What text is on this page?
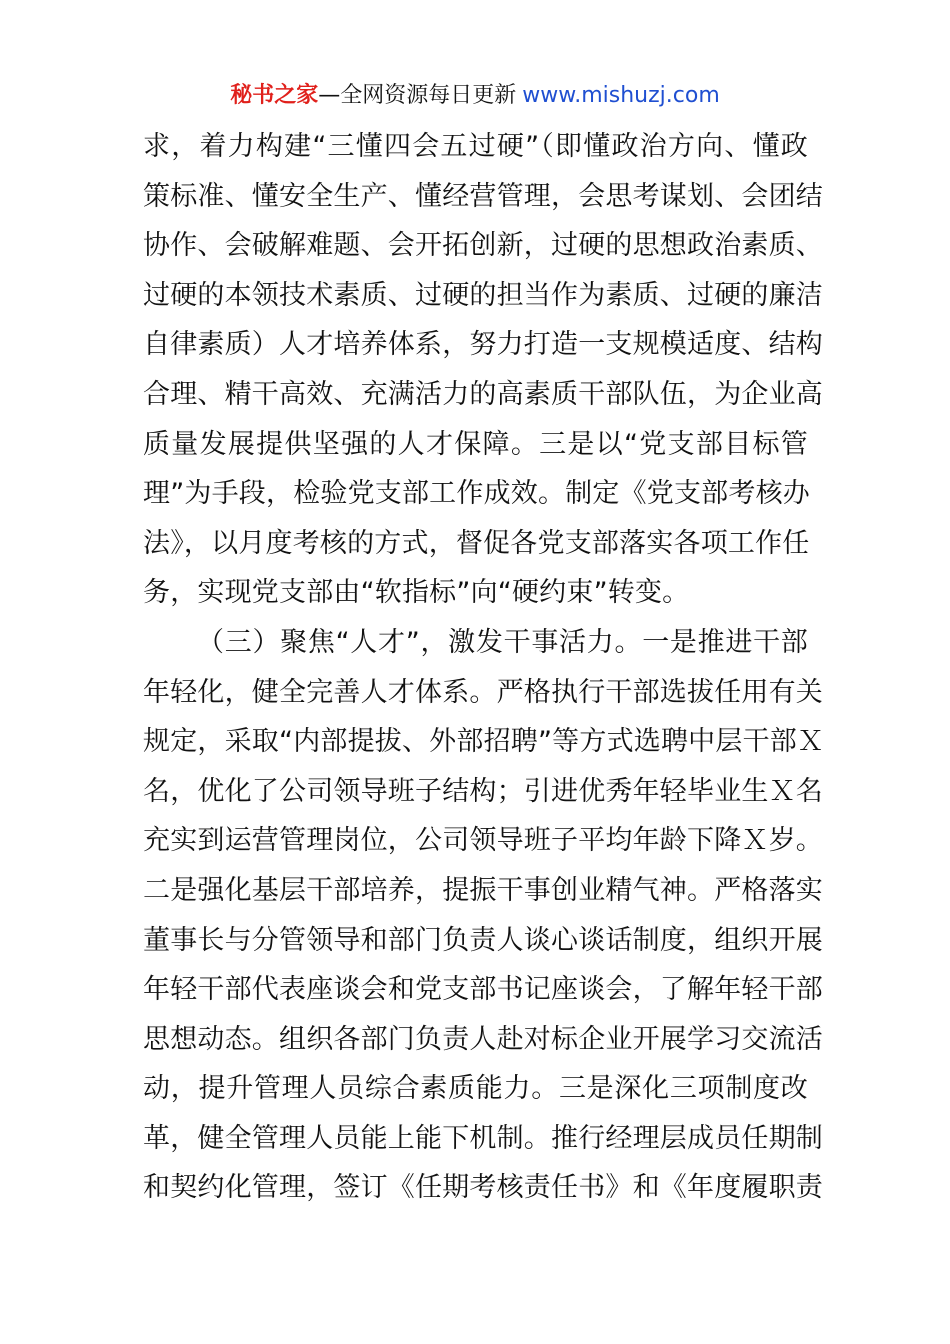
秘书之家—全网资源每日更新 www.mishuzj.com
求，着力构建“三懂四会五过硬”（即懂政治方向、懂政
策标准、懂安全生产、懂经营管理，会思考谋划、会团结
协作、会破解难题、会开拓创新，过硬的思想政治素质、
过硬的本领技术素质、过硬的担当作为素质、过硬的廉洁
自律素质）人才培养体系，努力打造一支规模适度、结构
合理、精干高效、充满活力的高素质干部队伍，为企业高
质量发展提供坚强的人才保障。三是以“党支部目标管
理”为手段，检验党支部工作成效。制定《党支部考核办
法》，以月度考核的方式，督促各党支部落实各项工作任
务，实现党支部由“软指标”向“硬约束”转变。
（三）聚焦“人才”，激发干事活力。一是推进干部
年轻化，健全完善人才体系。严格执行干部选拔任用有关
规定，采取“内部提拔、外部招聘”等方式选聘中层干部Ｘ
名，优化了公司领导班子结构；引进优秀年轻毕业生Ｘ名
充实到运营管理岗位，公司领导班子平均年龄下降Ｘ岁。
二是强化基层干部培养，提振干事创业精气神。严格落实
董事长与分管领导和部门负责人谈心谈话制度，组织开展
年轻干部代表座谈会和党支部书记座谈会，了解年轻干部
思想动态。组织各部门负责人赴对标企业开展学习交流活
动，提升管理人员综合素质能力。三是深化三项制度改
革，健全管理人员能上能下机制。推行经理层成员任期制
和契约化管理，签订《任期考核责任书》和《年度履职责
